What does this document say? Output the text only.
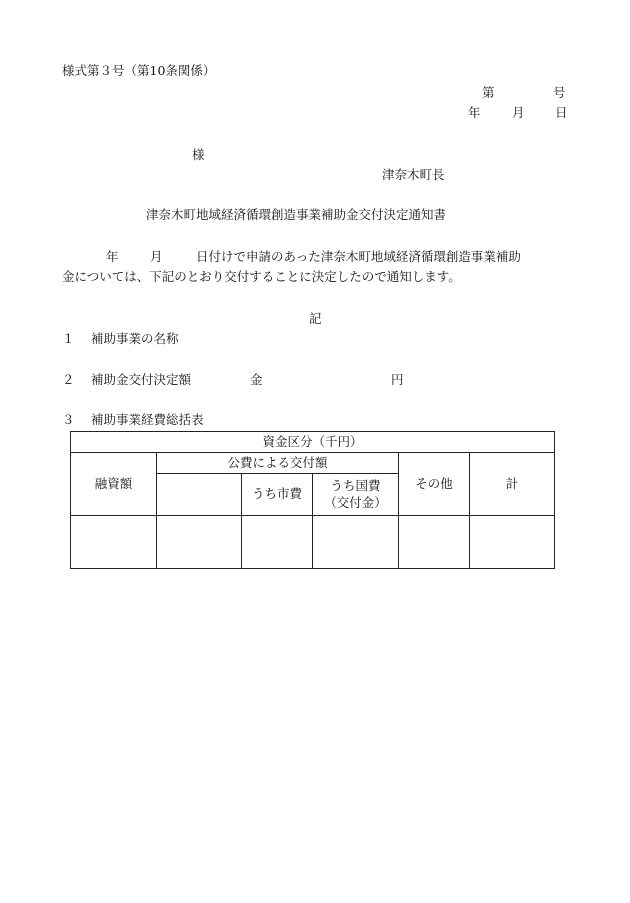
様式第３号（第10条関係）
第	号
年	月 日
様
津奈木町長
津奈木町地域経済循環創造事業補助金交付決定通知書
年	月	日付けで申請のあった津奈木町地域経済循環創造事業補助
金については、下記のとおり交付することに決定したので通知します。
記
１ 補助事業の名称
２ 補助金交付決定額	金	円
３ 補助事業経費総括表
資金区分（千円）					
融資額	公費による交付額			その他	計
		うち市費	うち国費
（交付金）		
